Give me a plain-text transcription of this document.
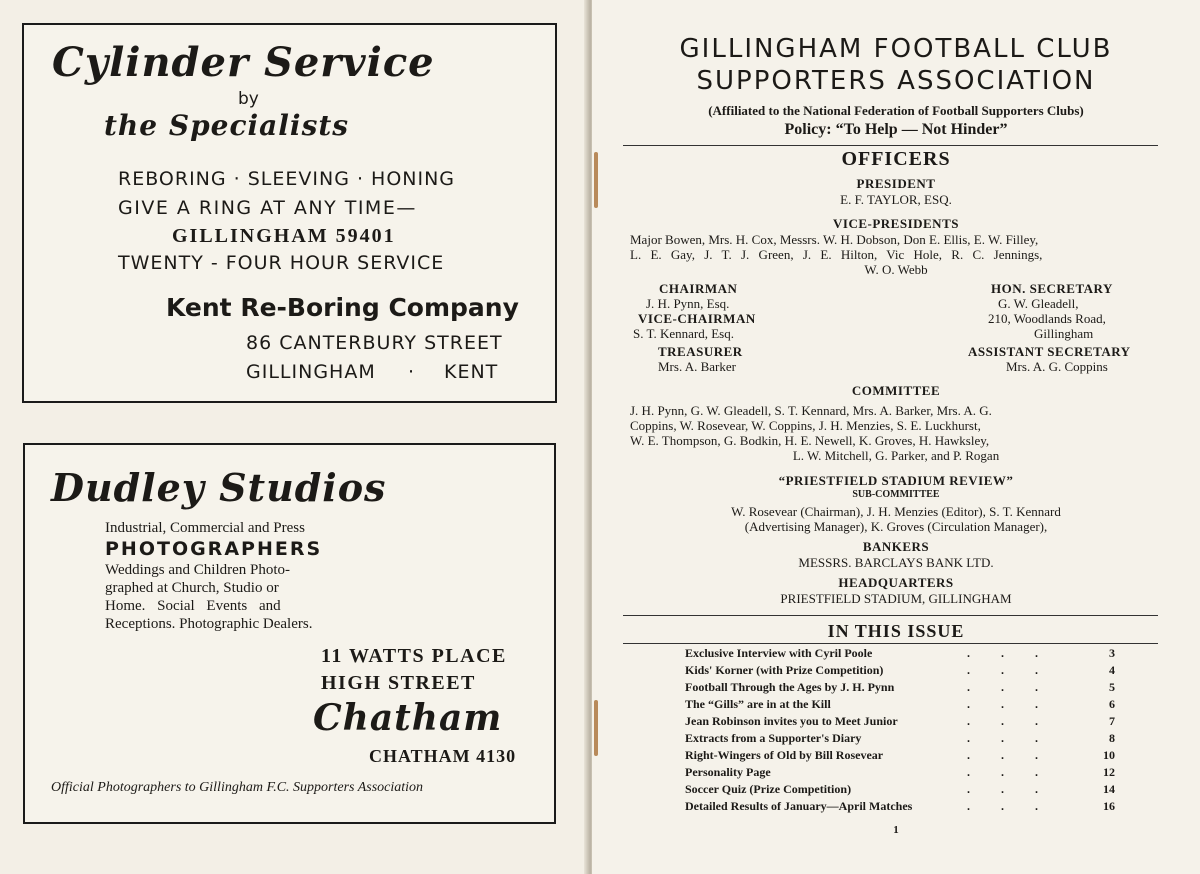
Cylinder Service
by
the Specialists
REBORING · SLEEVING · HONING
GIVE A RING AT ANY TIME—
GILLINGHAM 59401
TWENTY - FOUR HOUR SERVICE
Kent Re-Boring Company
86 CANTERBURY STREET
GILLINGHAM · KENT
Dudley Studios
Industrial, Commercial and Press
PHOTOGRAPHERS
Weddings and Children Photo-
graphed at Church, Studio or
Home. Social Events and
Receptions. Photographic Dealers.
11 WATTS PLACE
HIGH STREET
Chatham
CHATHAM 4130
Official Photographers to Gillingham F.C. Supporters Association
GILLINGHAM FOOTBALL CLUB
SUPPORTERS ASSOCIATION
(Affiliated to the National Federation of Football Supporters Clubs)
Policy: “To Help — Not Hinder”
OFFICERS
PRESIDENT
E. F. TAYLOR, ESQ.
VICE-PRESIDENTS
Major Bowen, Mrs. H. Cox, Messrs. W. H. Dobson, Don E. Ellis, E. W. Filley,
L. E. Gay, J. T. J. Green, J. E. Hilton, Vic Hole, R. C. Jennings,
W. O. Webb
CHAIRMAN
J. H. Pynn, Esq.
VICE-CHAIRMAN
S. T. Kennard, Esq.
TREASURER
Mrs. A. Barker
HON. SECRETARY
G. W. Gleadell,
210, Woodlands Road,
Gillingham
ASSISTANT SECRETARY
Mrs. A. G. Coppins
COMMITTEE
J. H. Pynn, G. W. Gleadell, S. T. Kennard, Mrs. A. Barker, Mrs. A. G.
Coppins, W. Rosevear, W. Coppins, J. H. Menzies, S. E. Luckhurst,
W. E. Thompson, G. Bodkin, H. E. Newell, K. Groves, H. Hawksley,
L. W. Mitchell, G. Parker, and P. Rogan
“PRIESTFIELD STADIUM REVIEW”
SUB-COMMITTEE
W. Rosevear (Chairman), J. H. Menzies (Editor), S. T. Kennard
(Advertising Manager), K. Groves (Circulation Manager),
BANKERS
MESSRS. BARCLAYS BANK LTD.
HEADQUARTERS
PRIESTFIELD STADIUM, GILLINGHAM
IN THIS ISSUE
Exclusive Interview with Cyril Poole	. . .	3
Kids' Korner (with Prize Competition)	. . .	4
Football Through the Ages by J. H. Pynn	. . .	5
The “Gills” are in at the Kill	. . .	6
Jean Robinson invites you to Meet Junior	. . .	7
Extracts from a Supporter's Diary	. . .	8
Right-Wingers of Old by Bill Rosevear	. . .	10
Personality Page	. . .	12
Soccer Quiz (Prize Competition)	. . .	14
Detailed Results of January—April Matches	. . .	16
1
